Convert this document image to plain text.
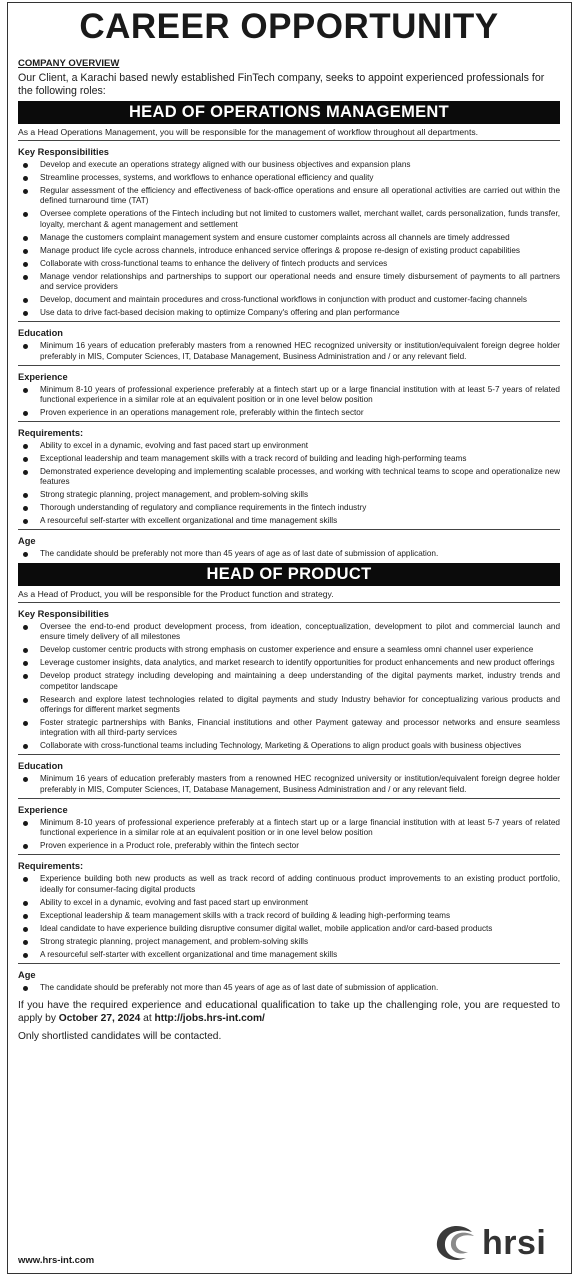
CAREER OPPORTUNITY
COMPANY OVERVIEW
Our Client, a Karachi based newly established FinTech company, seeks to appoint experienced professionals for the following roles:
HEAD OF OPERATIONS MANAGEMENT
As a Head Operations Management, you will be responsible for the management of workflow throughout all departments.
Key Responsibilities
Develop and execute an operations strategy aligned with our business objectives and expansion plans
Streamline processes, systems, and workflows to enhance operational efficiency and quality
Regular assessment of the efficiency and effectiveness of back-office operations and ensure all operational activities are carried out within the defined turnaround time (TAT)
Oversee complete operations of the Fintech including but not limited to customers wallet, merchant wallet, cards personalization, funds transfer, loyalty, merchant & agent management and settlement
Manage the customers complaint management system and ensure customer complaints across all channels are timely addressed
Manage product life cycle across channels, introduce enhanced service offerings & propose re-design of existing product capabilities
Collaborate with cross-functional teams to enhance the delivery of fintech products and services
Manage vendor relationships and partnerships to support our operational needs and ensure timely disbursement of payments to all partners and service providers
Develop, document and maintain procedures and cross-functional workflows in conjunction with product and customer-facing channels
Use data to drive fact-based decision making to optimize Company's offering and plan performance
Education
Minimum 16 years of education preferably masters from a renowned HEC recognized university or institution/equivalent foreign degree holder preferably in MIS, Computer Sciences, IT, Database Management, Business Administration and / or any relevant field.
Experience
Minimum 8-10 years of professional experience preferably at a fintech start up or a large financial institution with at least 5-7 years of related functional experience in a similar role at an equivalent position or in one level below position
Proven experience in an operations management role, preferably within the fintech sector
Requirements:
Ability to excel in a dynamic, evolving and fast paced start up environment
Exceptional leadership and team management skills with a track record of building and leading high-performing teams
Demonstrated experience developing and implementing scalable processes, and working with technical teams to scope and operationalize new features
Strong strategic planning, project management, and problem-solving skills
Thorough understanding of regulatory and compliance requirements in the fintech industry
A resourceful self-starter with excellent organizational and time management skills
Age
The candidate should be preferably not more than 45 years of age as of last date of submission of application.
HEAD OF PRODUCT
As a Head of Product, you will be responsible for the Product function and strategy.
Key Responsibilities
Oversee the end-to-end product development process, from ideation, conceptualization, development to pilot and commercial launch and ensure timely delivery of all milestones
Develop customer centric products with strong emphasis on customer experience and ensure a seamless omni channel user experience
Leverage customer insights, data analytics, and market research to identify opportunities for product enhancements and new product offerings
Develop product strategy including developing and maintaining a deep understanding of the digital payments market, industry trends and competitor landscape
Research and explore latest technologies related to digital payments and study Industry behavior for conceptualizing various products and offerings for different market segments
Foster strategic partnerships with Banks, Financial institutions and other Payment gateway and processor networks and ensure seamless integration with all third-party services
Collaborate with cross-functional teams including Technology, Marketing & Operations to align product goals with business objectives
Education
Minimum 16 years of education preferably masters from a renowned HEC recognized university or institution/equivalent foreign degree holder preferably in MIS, Computer Sciences, IT, Database Management, Business Administration and / or any relevant field.
Experience
Minimum 8-10 years of professional experience preferably at a fintech start up or a large financial institution with at least 5-7 years of related functional experience in a similar role at an equivalent position or in one level below position
Proven experience in a Product role, preferably within the fintech sector
Requirements:
Experience building both new products as well as track record of adding continuous product improvements to an existing product portfolio, ideally for consumer-facing digital products
Ability to excel in a dynamic, evolving and fast paced start up environment
Exceptional leadership & team management skills with a track record of building & leading high-performing teams
Ideal candidate to have experience building disruptive consumer digital wallet, mobile application and/or card-based products
Strong strategic planning, project management, and problem-solving skills
A resourceful self-starter with excellent organizational and time management skills
Age
The candidate should be preferably not more than 45 years of age as of last date of submission of application.
If you have the required experience and educational qualification to take up the challenging role, you are requested to apply by October 27, 2024 at http://jobs.hrs-int.com/
Only shortlisted candidates will be contacted.
www.hrs-int.com	hrsi
